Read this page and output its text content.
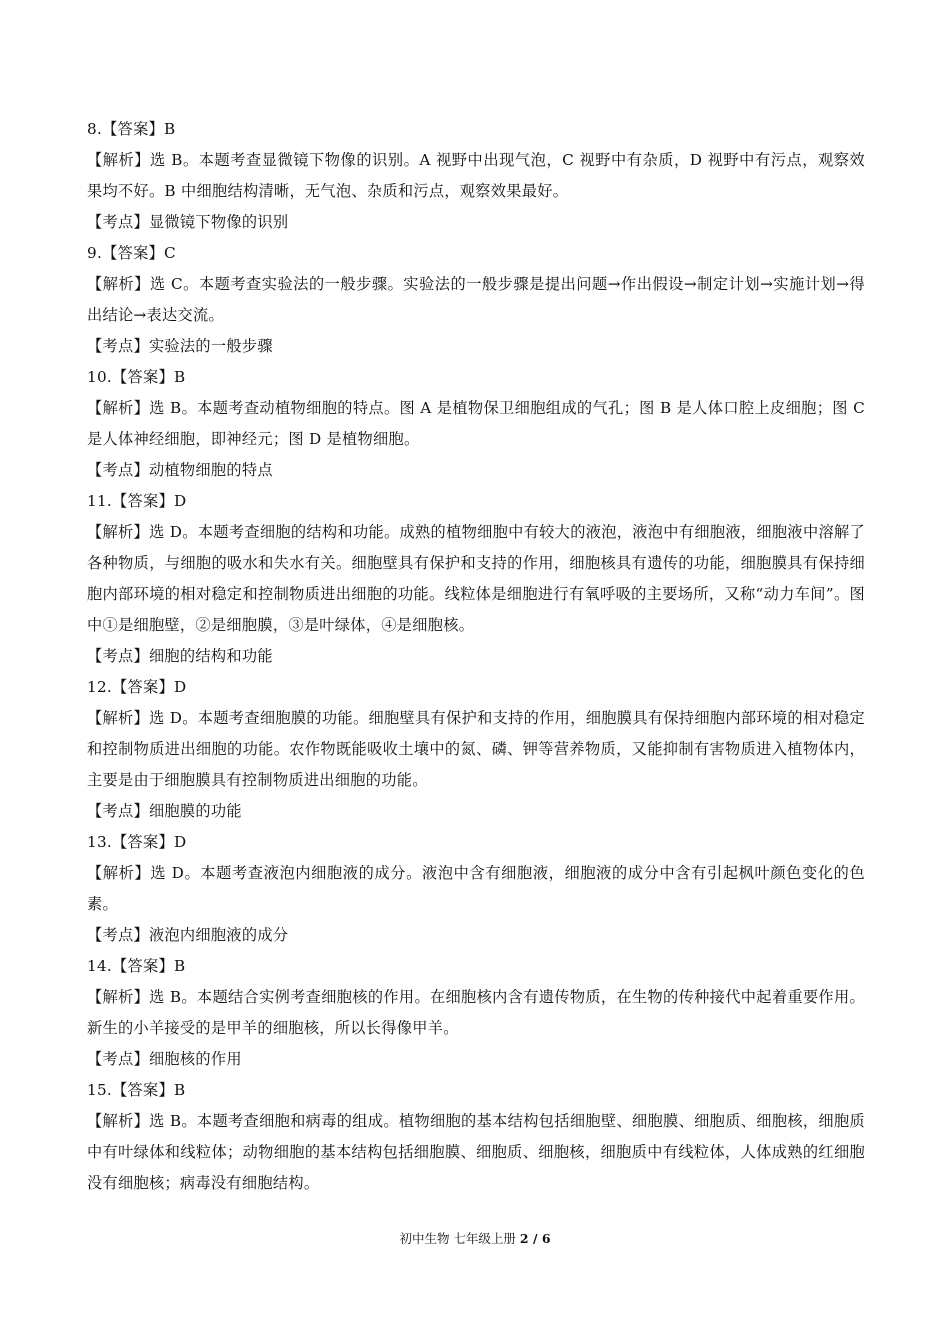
8.【答案】B

【解析】选 B。本题考查显微镜下物像的识别。A 视野中出现气泡，C 视野中有杂质，D 视野中有污点，观察效果均不好。B 中细胞结构清晰，无气泡、杂质和污点，观察效果最好。

【考点】显微镜下物像的识别

9.【答案】C

【解析】选 C。本题考查实验法的一般步骤。实验法的一般步骤是提出问题→作出假设→制定计划→实施计划→得出结论→表达交流。

【考点】实验法的一般步骤

10.【答案】B

【解析】选 B。本题考查动植物细胞的特点。图 A 是植物保卫细胞组成的气孔；图 B 是人体口腔上皮细胞；图 C 是人体神经细胞，即神经元；图 D 是植物细胞。

【考点】动植物细胞的特点

11.【答案】D

【解析】选 D。本题考查细胞的结构和功能。成熟的植物细胞中有较大的液泡，液泡中有细胞液，细胞液中溶解了各种物质，与细胞的吸水和失水有关。细胞壁具有保护和支持的作用，细胞核具有遗传的功能，细胞膜具有保持细胞内部环境的相对稳定和控制物质进出细胞的功能。线粒体是细胞进行有氧呼吸的主要场所，又称“动力车间”。图中①是细胞壁，②是细胞膜，③是叶绿体，④是细胞核。

【考点】细胞的结构和功能

12.【答案】D

【解析】选 D。本题考查细胞膜的功能。细胞壁具有保护和支持的作用，细胞膜具有保持细胞内部环境的相对稳定和控制物质进出细胞的功能。农作物既能吸收土壤中的氮、磷、钾等营养物质，又能抑制有害物质进入植物体内，主要是由于细胞膜具有控制物质进出细胞的功能。

【考点】细胞膜的功能

13.【答案】D

【解析】选 D。本题考查液泡内细胞液的成分。液泡中含有细胞液，细胞液的成分中含有引起枫叶颜色变化的色素。

【考点】液泡内细胞液的成分

14.【答案】B

【解析】选 B。本题结合实例考查细胞核的作用。在细胞核内含有遗传物质，在生物的传种接代中起着重要作用。新生的小羊接受的是甲羊的细胞核，所以长得像甲羊。

【考点】细胞核的作用

15.【答案】B

【解析】选 B。本题考查细胞和病毒的组成。植物细胞的基本结构包括细胞壁、细胞膜、细胞质、细胞核，细胞质中有叶绿体和线粒体；动物细胞的基本结构包括细胞膜、细胞质、细胞核，细胞质中有线粒体，人体成熟的红细胞没有细胞核；病毒没有细胞结构。

初中生物 七年级上册 2 / 6
